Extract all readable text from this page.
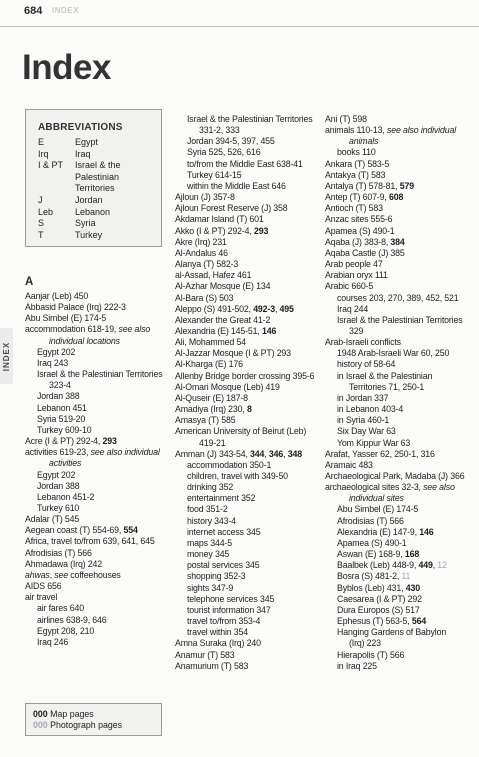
684 INDEX
Index
INDEX
ABBREVIATIONS
E	Egypt
Irq	Iraq
I & PT	Israel & the Palestinian Territories
J	Jordan
Leb	Lebanon
S	Syria
T	Turkey
A
Aanjar (Leb) 450
Abbasid Palace (Irq) 222-3
Abu Simbel (E) 174-5
accommodation 618-19, see also
individual locations
Egypt 202
Iraq 243
Israel & the Palestinian Territories
323-4
Jordan 388
Lebanon 451
Syria 519-20
Turkey 609-10
Acre (I & PT) 292-4, 293
activities 619-23, see also individual
activities
Egypt 202
Jordan 388
Lebanon 451-2
Turkey 610
Adalar (T) 545
Aegean coast (T) 554-69, 554
Africa, travel to/from 639, 641, 645
Afrodisias (T) 566
Ahmadawa (Irq) 242
ahwas, see coffeehouses
AIDS 656
air travel
air fares 640
airlines 638-9, 646
Egypt 208, 210
Iraq 246
Israel & the Palestinian Territories
331-2, 333
Jordan 394-5, 397, 455
Syria 525, 526, 616
to/from the Middle East 638-41
Turkey 614-15
within the Middle East 646
Ajloun (J) 357-8
Ajloun Forest Reserve (J) 358
Akdamar Island (T) 601
Akko (I & PT) 292-4, 293
Akre (Irq) 231
Al-Andalus 46
Alanya (T) 582-3
al-Assad, Hafez 461
Al-Azhar Mosque (E) 134
Al-Bara (S) 503
Aleppo (S) 491-502, 492-3, 495
Alexander the Great 41-2
Alexandria (E) 145-51, 146
Ali, Mohammed 54
Al-Jazzar Mosque (I & PT) 293
Al-Kharga (E) 176
Allenby Bridge border crossing 395-6
Al-Omari Mosque (Leb) 419
Al-Quseir (E) 187-8
Amadiya (Irq) 230, 8
Amasya (T) 585
American University of Beirut (Leb)
419-21
Amman (J) 343-54, 344, 346, 348
accommodation 350-1
children, travel with 349-50
drinking 352
entertainment 352
food 351-2
history 343-4
internet access 345
maps 344-5
money 345
postal services 345
shopping 352-3
sights 347-9
telephone services 345
tourist information 347
travel to/from 353-4
travel within 354
Amna Suraka (Irq) 240
Anamur (T) 583
Anamurium (T) 583
Ani (T) 598
animals 110-13, see also individual
animals
books 110
Ankara (T) 583-5
Antakya (T) 583
Antalya (T) 578-81, 579
Antep (T) 607-9, 608
Antioch (T) 583
Anzac sites 555-6
Apamea (S) 490-1
Aqaba (J) 383-8, 384
Aqaba Castle (J) 385
Arab people 47
Arabian oryx 111
Arabic 660-5
courses 203, 270, 389, 452, 521
Iraq 244
Israel & the Palestinian Territories
329
Arab-Israeli conflicts
1948 Arab-Israeli War 60, 250
history of 58-64
in Israel & the Palestinian
Territories 71, 250-1
in Jordan 337
in Lebanon 403-4
in Syria 460-1
Six Day War 63
Yom Kippur War 63
Arafat, Yasser 62, 250-1, 316
Aramaic 483
Archaeological Park, Madaba (J) 366
archaeological sites 32-3, see also
individual sites
Abu Simbel (E) 174-5
Afrodisias (T) 566
Alexandria (E) 147-9, 146
Apamea (S) 490-1
Aswan (E) 168-9, 168
Baalbek (Leb) 448-9, 449, 12
Bosra (S) 481-2, 11
Byblos (Leb) 431, 430
Caesarea (I & PT) 292
Dura Europos (S) 517
Ephesus (T) 563-5, 564
Hanging Gardens of Babylon
(Irq) 223
Hierapolis (T) 566
in Iraq 225
000 Map pages
000 Photograph pages
